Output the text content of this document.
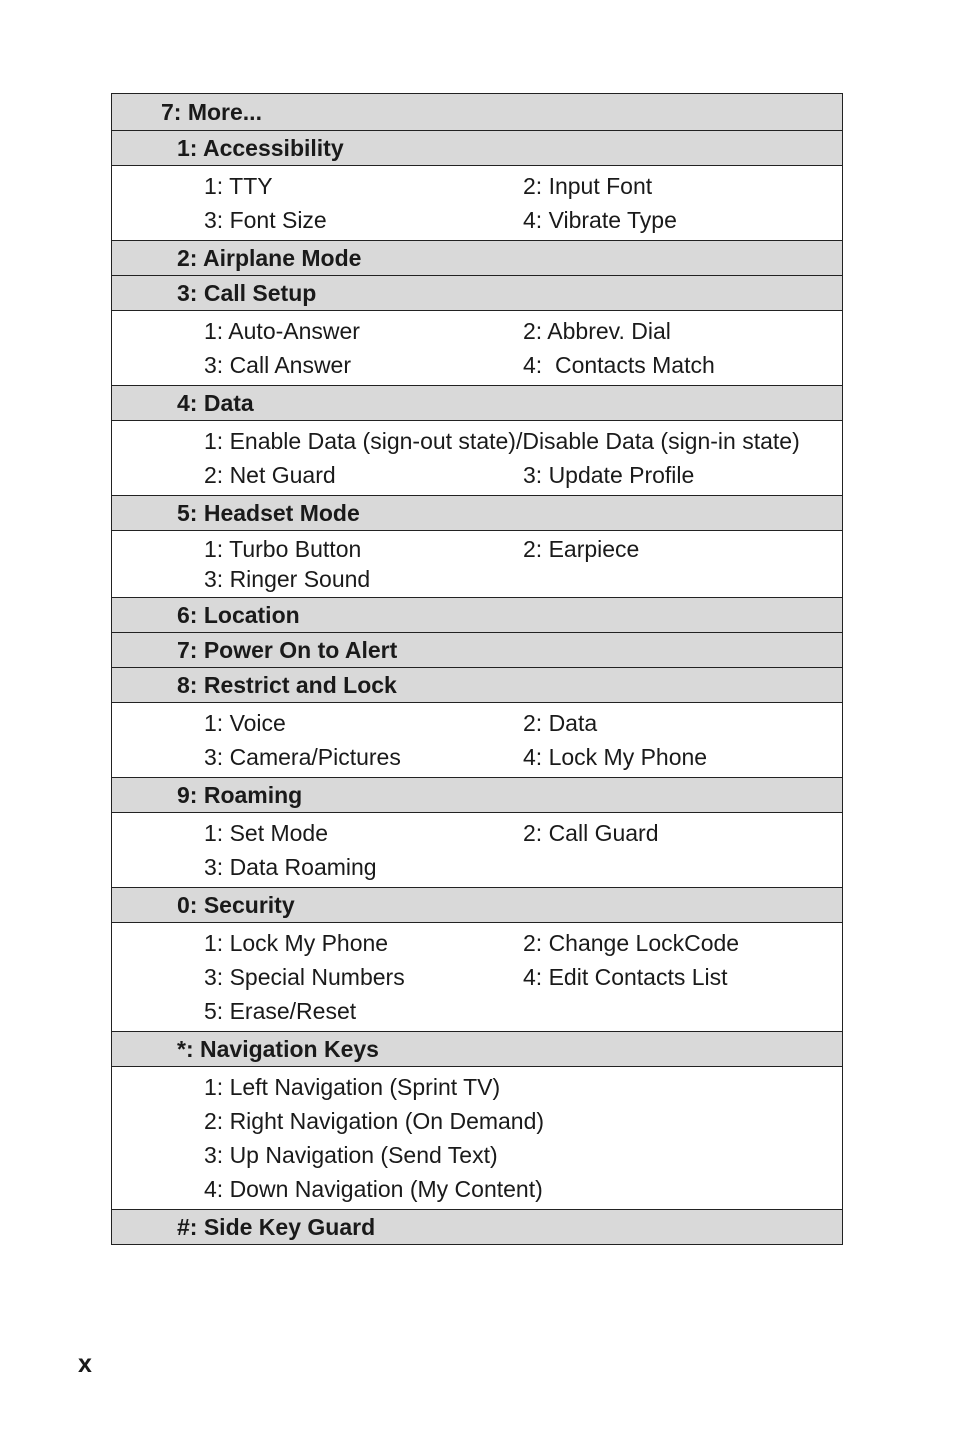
7: More...
1: Accessibility
1: TTY	2: Input Font
3: Font Size	4: Vibrate Type
2: Airplane Mode
3: Call Setup
1: Auto-Answer	2: Abbrev. Dial
3: Call Answer	4:  Contacts Match
4: Data
1: Enable Data (sign-out state)/Disable Data (sign-in state)
2: Net Guard	3: Update Profile
5: Headset Mode
1: Turbo Button	2: Earpiece
3: Ringer Sound
6: Location
7: Power On to Alert
8: Restrict and Lock
1: Voice	2: Data
3: Camera/Pictures	4: Lock My Phone
9: Roaming
1: Set Mode	2: Call Guard
3: Data Roaming
0: Security
1: Lock My Phone	2: Change LockCode
3: Special Numbers	4: Edit Contacts List
5: Erase/Reset
*: Navigation Keys
1: Left Navigation (Sprint TV)
2: Right Navigation (On Demand)
3: Up Navigation (Send Text)
4: Down Navigation (My Content)
#: Side Key Guard
x
